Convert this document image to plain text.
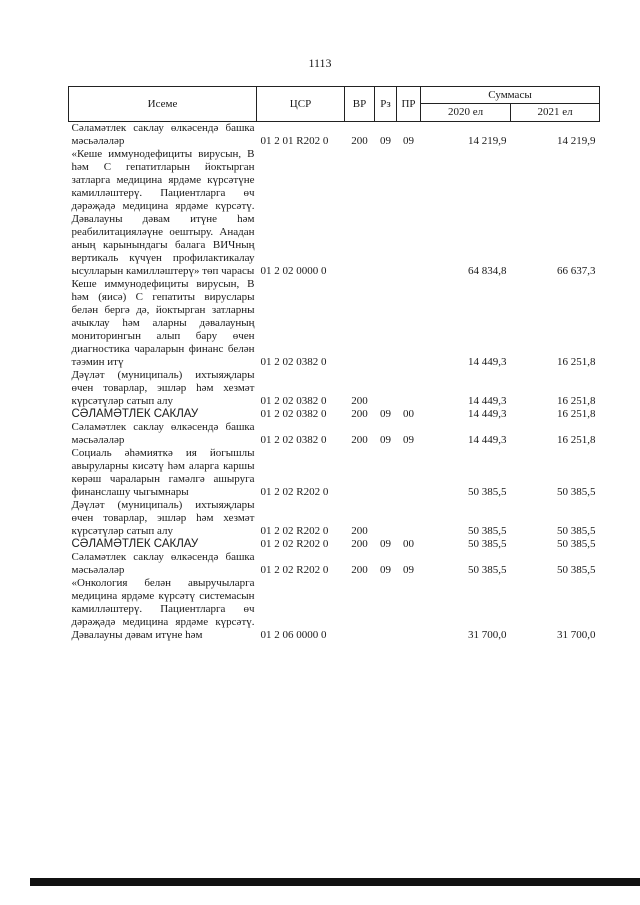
1113
Исеме	ЦСР	ВР	Рз	ПР	Суммасы	
					2020 ел	2021 ел
Сәламәтлек саклау өлкәсендә башка мәсьәләләр	01 2 01 R202 0	200	09	09	14 219,9	14 219,9
«Кеше иммунодефициты вирусын, B һәм C гепатитларын йоктырган затларга медицина ярдәме күрсәтүне камилләштерү. Пациентларга өч дәрәҗәдә медицина ярдәме күрсәтү. Дәвалауны дәвам итүне һәм реабилитацияләүне оештыру. Анадан аның карынындагы балага ВИЧның вертикаль күчүен профилактикалау ысулларын камилләштерү» төп чарасы	01 2 02 0000 0				64 834,8	66 637,3
Кеше иммунодефициты вирусын, B һәм (яисә) C гепатиты вируслары белән бергә дә, йоктырган затларны ачыклау һәм аларны дәвалауның мониторингын алып бару өчен диагностика чараларын финанс белән тәэмин итү	01 2 02 0382 0				14 449,3	16 251,8
Дәүләт (муниципаль) ихтыяҗлары өчен товарлар, эшләр һәм хезмәт күрсәтүләр сатып алу	01 2 02 0382 0	200			14 449,3	16 251,8
СӘЛАМӘТЛЕК САКЛАУ	01 2 02 0382 0	200	09	00	14 449,3	16 251,8
Сәламәтлек саклау өлкәсендә башка мәсьәләләр	01 2 02 0382 0	200	09	09	14 449,3	16 251,8
Социаль әһәмияткә ия йогышлы авыруларны кисәтү һәм аларга каршы көрәш чараларын гамәлгә ашыруга финанслашу чыгымнары	01 2 02 R202 0				50 385,5	50 385,5
Дәүләт (муниципаль) ихтыяҗлары өчен товарлар, эшләр һәм хезмәт күрсәтүләр сатып алу	01 2 02 R202 0	200			50 385,5	50 385,5
СӘЛАМӘТЛЕК САКЛАУ	01 2 02 R202 0	200	09	00	50 385,5	50 385,5
Сәламәтлек саклау өлкәсендә башка мәсьәләләр	01 2 02 R202 0	200	09	09	50 385,5	50 385,5
«Онкология белән авыручыларга медицина ярдәме күрсәтү системасын камилләштерү. Пациентларга өч дәрәҗәдә медицина ярдәме күрсәтү. Дәвалауны дәвам итүне һәм	01 2 06 0000 0				31 700,0	31 700,0
